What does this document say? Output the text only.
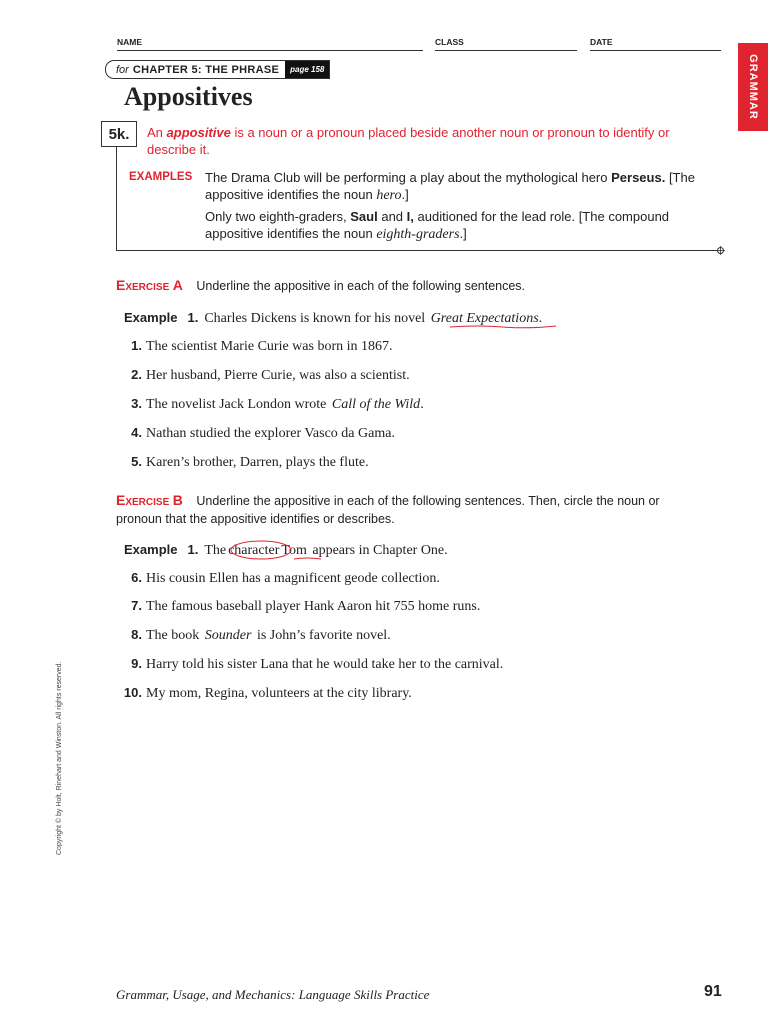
NAME	CLASS	DATE
GRAMMAR
for CHAPTER 5: THE PHRASE	page 158
Appositives
5k.	An appositive is a noun or a pronoun placed beside another noun or pronoun to identify or describe it.
EXAMPLES The Drama Club will be performing a play about the mythological hero Perseus. [The appositive identifies the noun hero.]
Only two eighth-graders, Saul and I, auditioned for the lead role. [The compound appositive identifies the noun eighth-graders.]
EXERCISE A Underline the appositive in each of the following sentences.
Example 1. Charles Dickens is known for his novel Great Expectations.
1. The scientist Marie Curie was born in 1867.
2. Her husband, Pierre Curie, was also a scientist.
3. The novelist Jack London wrote Call of the Wild.
4. Nathan studied the explorer Vasco da Gama.
5. Karen’s brother, Darren, plays the flute.
EXERCISE B Underline the appositive in each of the following sentences. Then, circle the noun or pronoun that the appositive identifies or describes.
Example 1. The character Tom appears in Chapter One.
6. His cousin Ellen has a magnificent geode collection.
7. The famous baseball player Hank Aaron hit 755 home runs.
8. The book Sounder is John’s favorite novel.
9. Harry told his sister Lana that he would take her to the carnival.
10. My mom, Regina, volunteers at the city library.
Copyright © by Holt, Rinehart and Winston. All rights reserved.
Grammar, Usage, and Mechanics: Language Skills Practice	91
